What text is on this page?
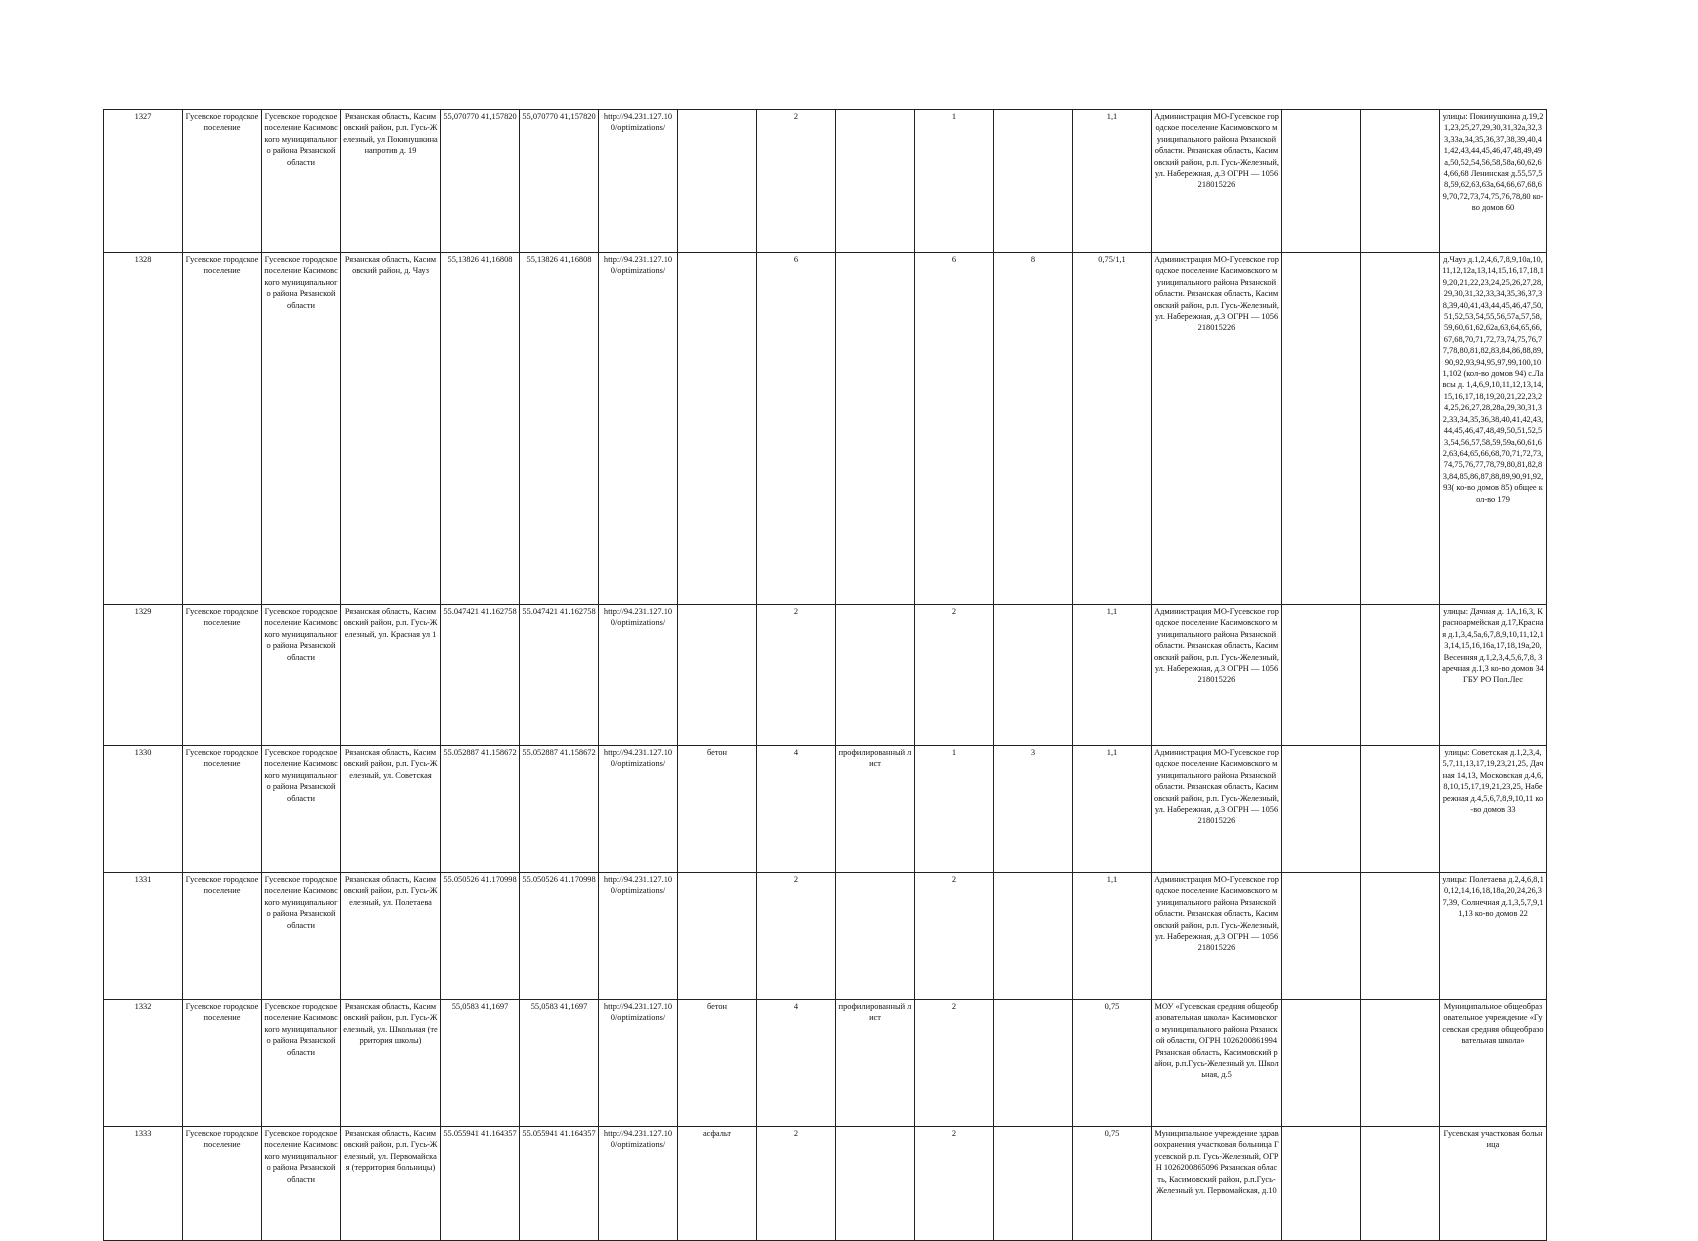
1327	Гусевское городское поселение	Гусевское городское поселение Касимовского муниципального района Рязанской области	Рязанская область, Касимовский район, р.п. Гусь-Железный, ул Покинушкина напротив д. 19	55,070770 41,157820	55,070770 41,157820	http://94.231.127.100/optimizations/		2		1		1,1	Администрация МО-Гусевское городское поселение Касимовского муниципального района Рязанской области. Рязанская область, Касимовский район, р.п. Гусь-Железный, ул. Набережная, д.3 ОГРН — 1056218015226			улицы: Покинушкина д.19,21,23,25,27,29,30,31,32а,32,33,33а,34,35,36,37,38,39,40,41,42,43,44,45,46,47,48,49,49а,50,52,54,56,58,58а,60,62,64,66,68 Ленинская д.55,57,58,59,62,63,63а,64,66,67,68,69,70,72,73,74,75,76,78,80 ко-во домов 60
1328	Гусевское городское поселение	Гусевское городское поселение Касимовского муниципального района Рязанской области	Рязанская область, Касимовский район, д. Чауз	55,13826 41,16808	55,13826 41,16808	http://94.231.127.100/optimizations/		6		6	8	0,75/1,1	Администрация МО-Гусевское городское поселение Касимовского муниципального района Рязанской области. Рязанская область, Касимовский район, р.п. Гусь-Железный, ул. Набережная, д.3 ОГРН — 1056218015226			д.Чауз д.1,2,4,6,7,8,9,10а,10,11,12,12а,13,14,15,16,17,18,19,20,21,22,23,24,25,26,27,28,29,30,31,32,33,34,35,36,37,38,39,40,41,43,44,45,46,47,50,51,52,53,54,55,56,57а,57,58,59,60,61,62,62а,63,64,65,66,67,68,70,71,72,73,74,75,76,77,78,80,81,82,83,84,86,88,89,90,92,93,94,95,97,99,100,101,102 (кол-во домов 94) с.Лавсы д. 1,4,6,9,10,11,12,13,14,15,16,17,18,19,20,21,22,23,24,25,26,27,28,28а,29,30,31,32,33,34,35,36,38,40,41,42,43,44,45,46,47,48,49,50,51,52,53,54,56,57,58,59,59а,60,61,62,63,64,65,66,68,70,71,72,73,74,75,76,77,78,79,80,81,82,83,84,85,86,87,88,89,90,91,92,93( ко-во домов 85) общее кол-во 179
1329	Гусевское городское поселение	Гусевское городское поселение Касимовского муниципального района Рязанской области	Рязанская область, Касимовский район, р.п. Гусь-Железный, ул. Красная ул 1	55.047421 41.162758	55.047421 41.162758	http://94.231.127.100/optimizations/		2		2		1,1	Администрация МО-Гусевское городское поселение Касимовского муниципального района Рязанской области. Рязанская область, Касимовский район, р.п. Гусь-Железный, ул. Набережная, д.3 ОГРН — 1056218015226			улицы: Дачная д. 1А,16,3, Красноармейская д.17,Красная д.1,3,4,5а,6,7,8,9,10,11,12,13,14,15,16,16а,17,18,19а,20, Весенняя д.1,2,3,4,5,6,7,8, Заречная д.1,3 ко-во домов 34 ГБУ РО Пол.Лес
1330	Гусевское городское поселение	Гусевское городское поселение Касимовского муниципального района Рязанской области	Рязанская область, Касимовский район, р.п. Гусь-Железный, ул. Советская	55.052887 41.158672	55.052887 41.158672	http://94.231.127.100/optimizations/	бетон	4	профилированный лист	1	3	1,1	Администрация МО-Гусевское городское поселение Касимовского муниципального района Рязанской области. Рязанская область, Касимовский район, р.п. Гусь-Железный, ул. Набережная, д.3 ОГРН — 1056218015226			улицы: Советская д.1,2,3,4,5,7,11,13,17,19,23,21,25, Дачная 14,13, Московская д.4,6,8,10,15,17,19,21,23,25, Набережная д.4,5,6,7,8,9,10,11 ко-во домов 33
1331	Гусевское городское поселение	Гусевское городское поселение Касимовского муниципального района Рязанской области	Рязанская область, Касимовский район, р.п. Гусь-Железный, ул. Полетаева	55.050526 41.170998	55.050526 41.170998	http://94.231.127.100/optimizations/		2		2		1,1	Администрация МО-Гусевское городское поселение Касимовского муниципального района Рязанской области. Рязанская область, Касимовский район, р.п. Гусь-Железный, ул. Набережная, д.3 ОГРН — 1056218015226			улицы: Полетаева д.2,4,6,8,10,12,14,16,18,18а,20,24,26,37,39, Солнечная д.1,3,5,7,9,11,13 ко-во домов 22
1332	Гусевское городское поселение	Гусевское городское поселение Касимовского муниципального района Рязанской области	Рязанская область, Касимовский район, р.п. Гусь-Железный, ул. Школьная (территория школы)	55,0583 41,1697	55,0583 41,1697	http://94.231.127.100/optimizations/	бетон	4	профилированный лист	2		0,75	МОУ «Гусевская средняя общеобразовательная школа» Касимовского муниципального района Рязанской области, ОГРН 1026200861994 Рязанская область, Касимовский район, р.п.Гусь-Железный ул. Школьная, д.5			Муниципальное общеобразовательное учреждение «Гусевская средняя общеобразовательная школа»
1333	Гусевское городское поселение	Гусевское городское поселение Касимовского муниципального района Рязанской области	Рязанская область, Касимовский район, р.п. Гусь-Железный, ул. Первомайская (территория больницы)	55.055941 41.164357	55.055941 41.164357	http://94.231.127.100/optimizations/	асфальт	2		2		0,75	Муниципальное учреждение здравоохранения участковая больница Гусевской р.п. Гусь-Железный, ОГРН 1026200865096 Рязанская область, Касимовский район, р.п.Гусь-Железный ул. Первомайская, д.10			Гусевская участковая больница
